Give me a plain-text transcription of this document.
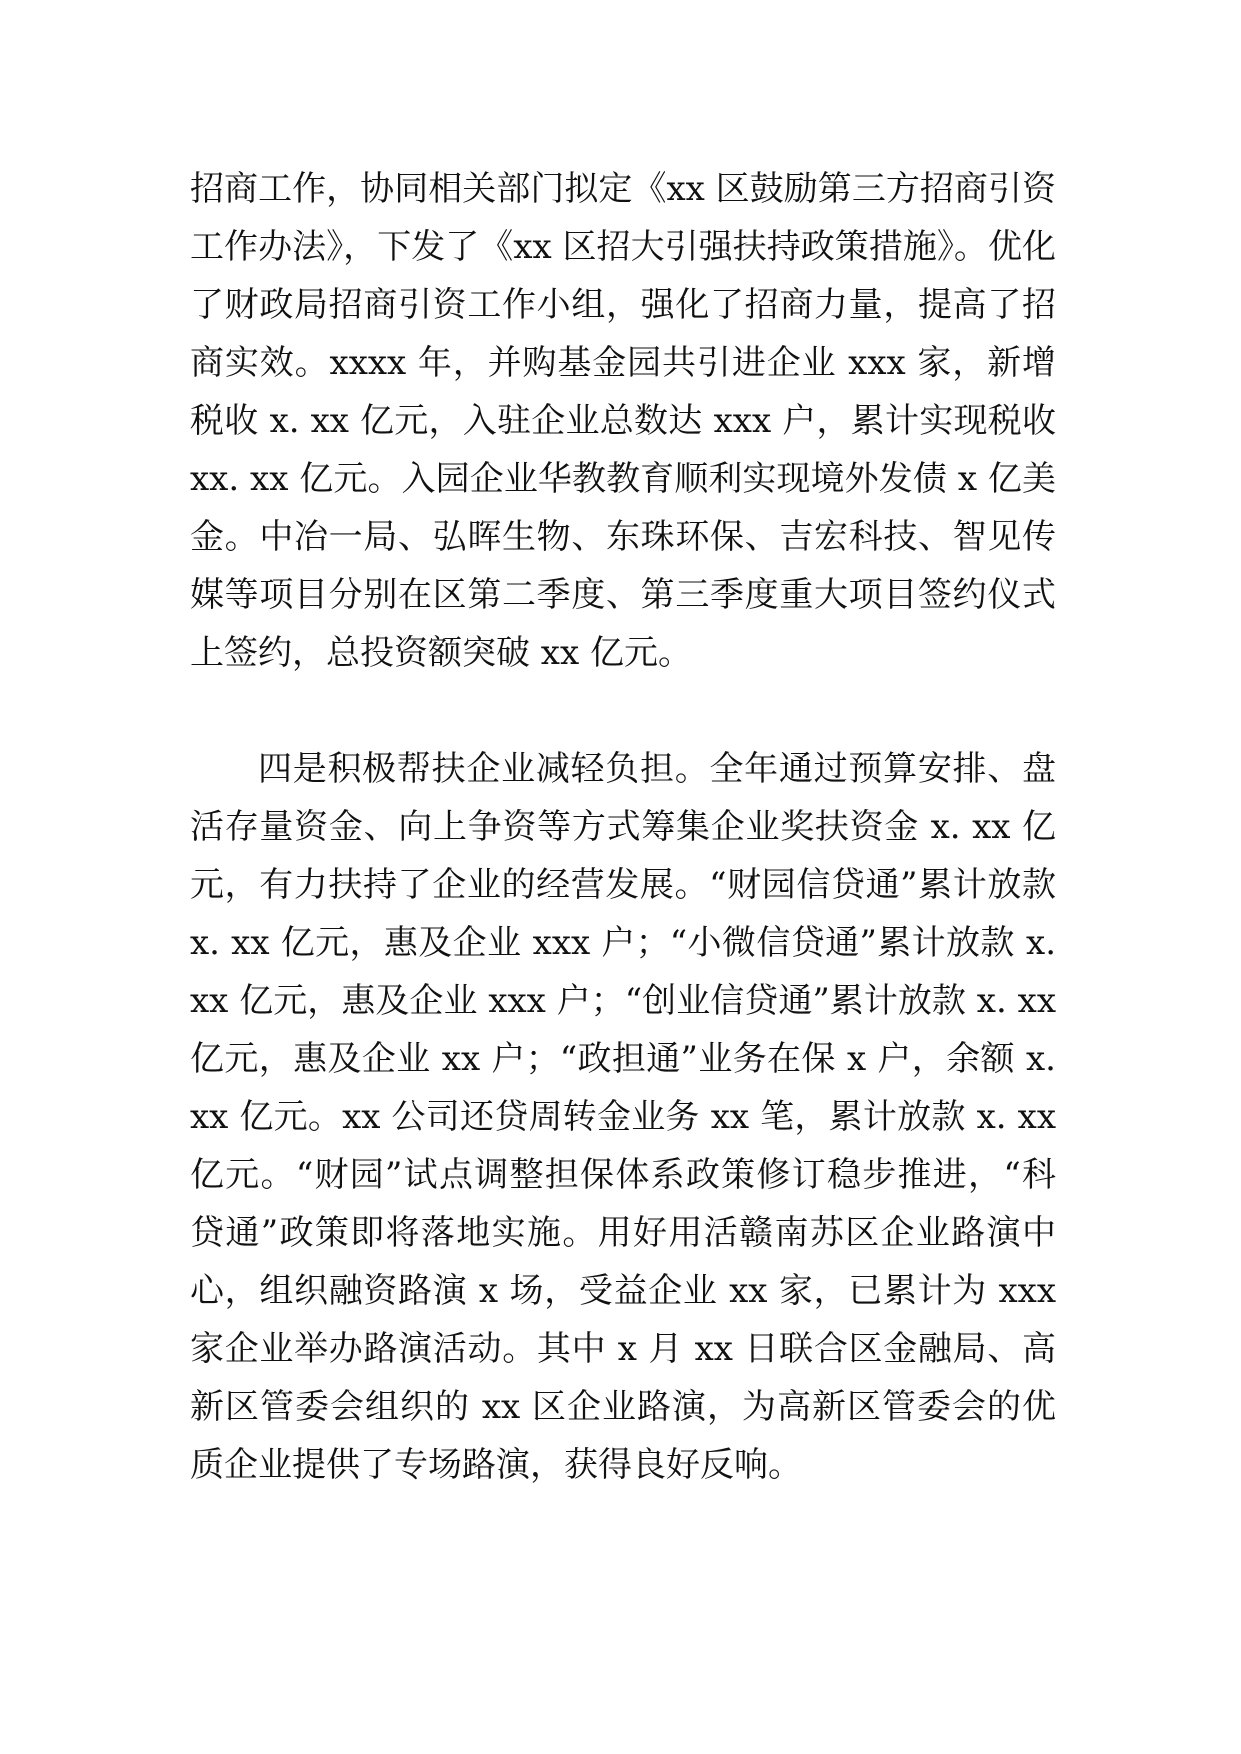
招商工作，协同相关部门拟定《xx 区鼓励第三方招商引资工作办法》，下发了《xx 区招大引强扶持政策措施》。优化了财政局招商引资工作小组，强化了招商力量，提高了招商实效。xxxx 年，并购基金园共引进企业 xxx 家，新增税收 x. xx 亿元，入驻企业总数达 xxx 户，累计实现税收 xx. xx 亿元。入园企业华教教育顺利实现境外发债 x 亿美金。中冶一局、弘晖生物、东珠环保、吉宏科技、智见传媒等项目分别在区第二季度、第三季度重大项目签约仪式上签约，总投资额突破 xx 亿元。

四是积极帮扶企业减轻负担。全年通过预算安排、盘活存量资金、向上争资等方式筹集企业奖扶资金 x. xx 亿元，有力扶持了企业的经营发展。“财园信贷通”累计放款 x. xx 亿元，惠及企业 xxx 户；“小微信贷通”累计放款 x. xx 亿元，惠及企业 xxx 户；“创业信贷通”累计放款 x. xx 亿元，惠及企业 xx 户；“政担通”业务在保 x 户，余额 x. xx 亿元。xx 公司还贷周转金业务 xx 笔，累计放款 x. xx 亿元。“财园”试点调整担保体系政策修订稳步推进，“科贷通”政策即将落地实施。用好用活赣南苏区企业路演中心，组织融资路演 x 场，受益企业 xx 家，已累计为 xxx 家企业举办路演活动。其中 x 月 xx 日联合区金融局、高新区管委会组织的 xx 区企业路演，为高新区管委会的优质企业提供了专场路演，获得良好反响。
